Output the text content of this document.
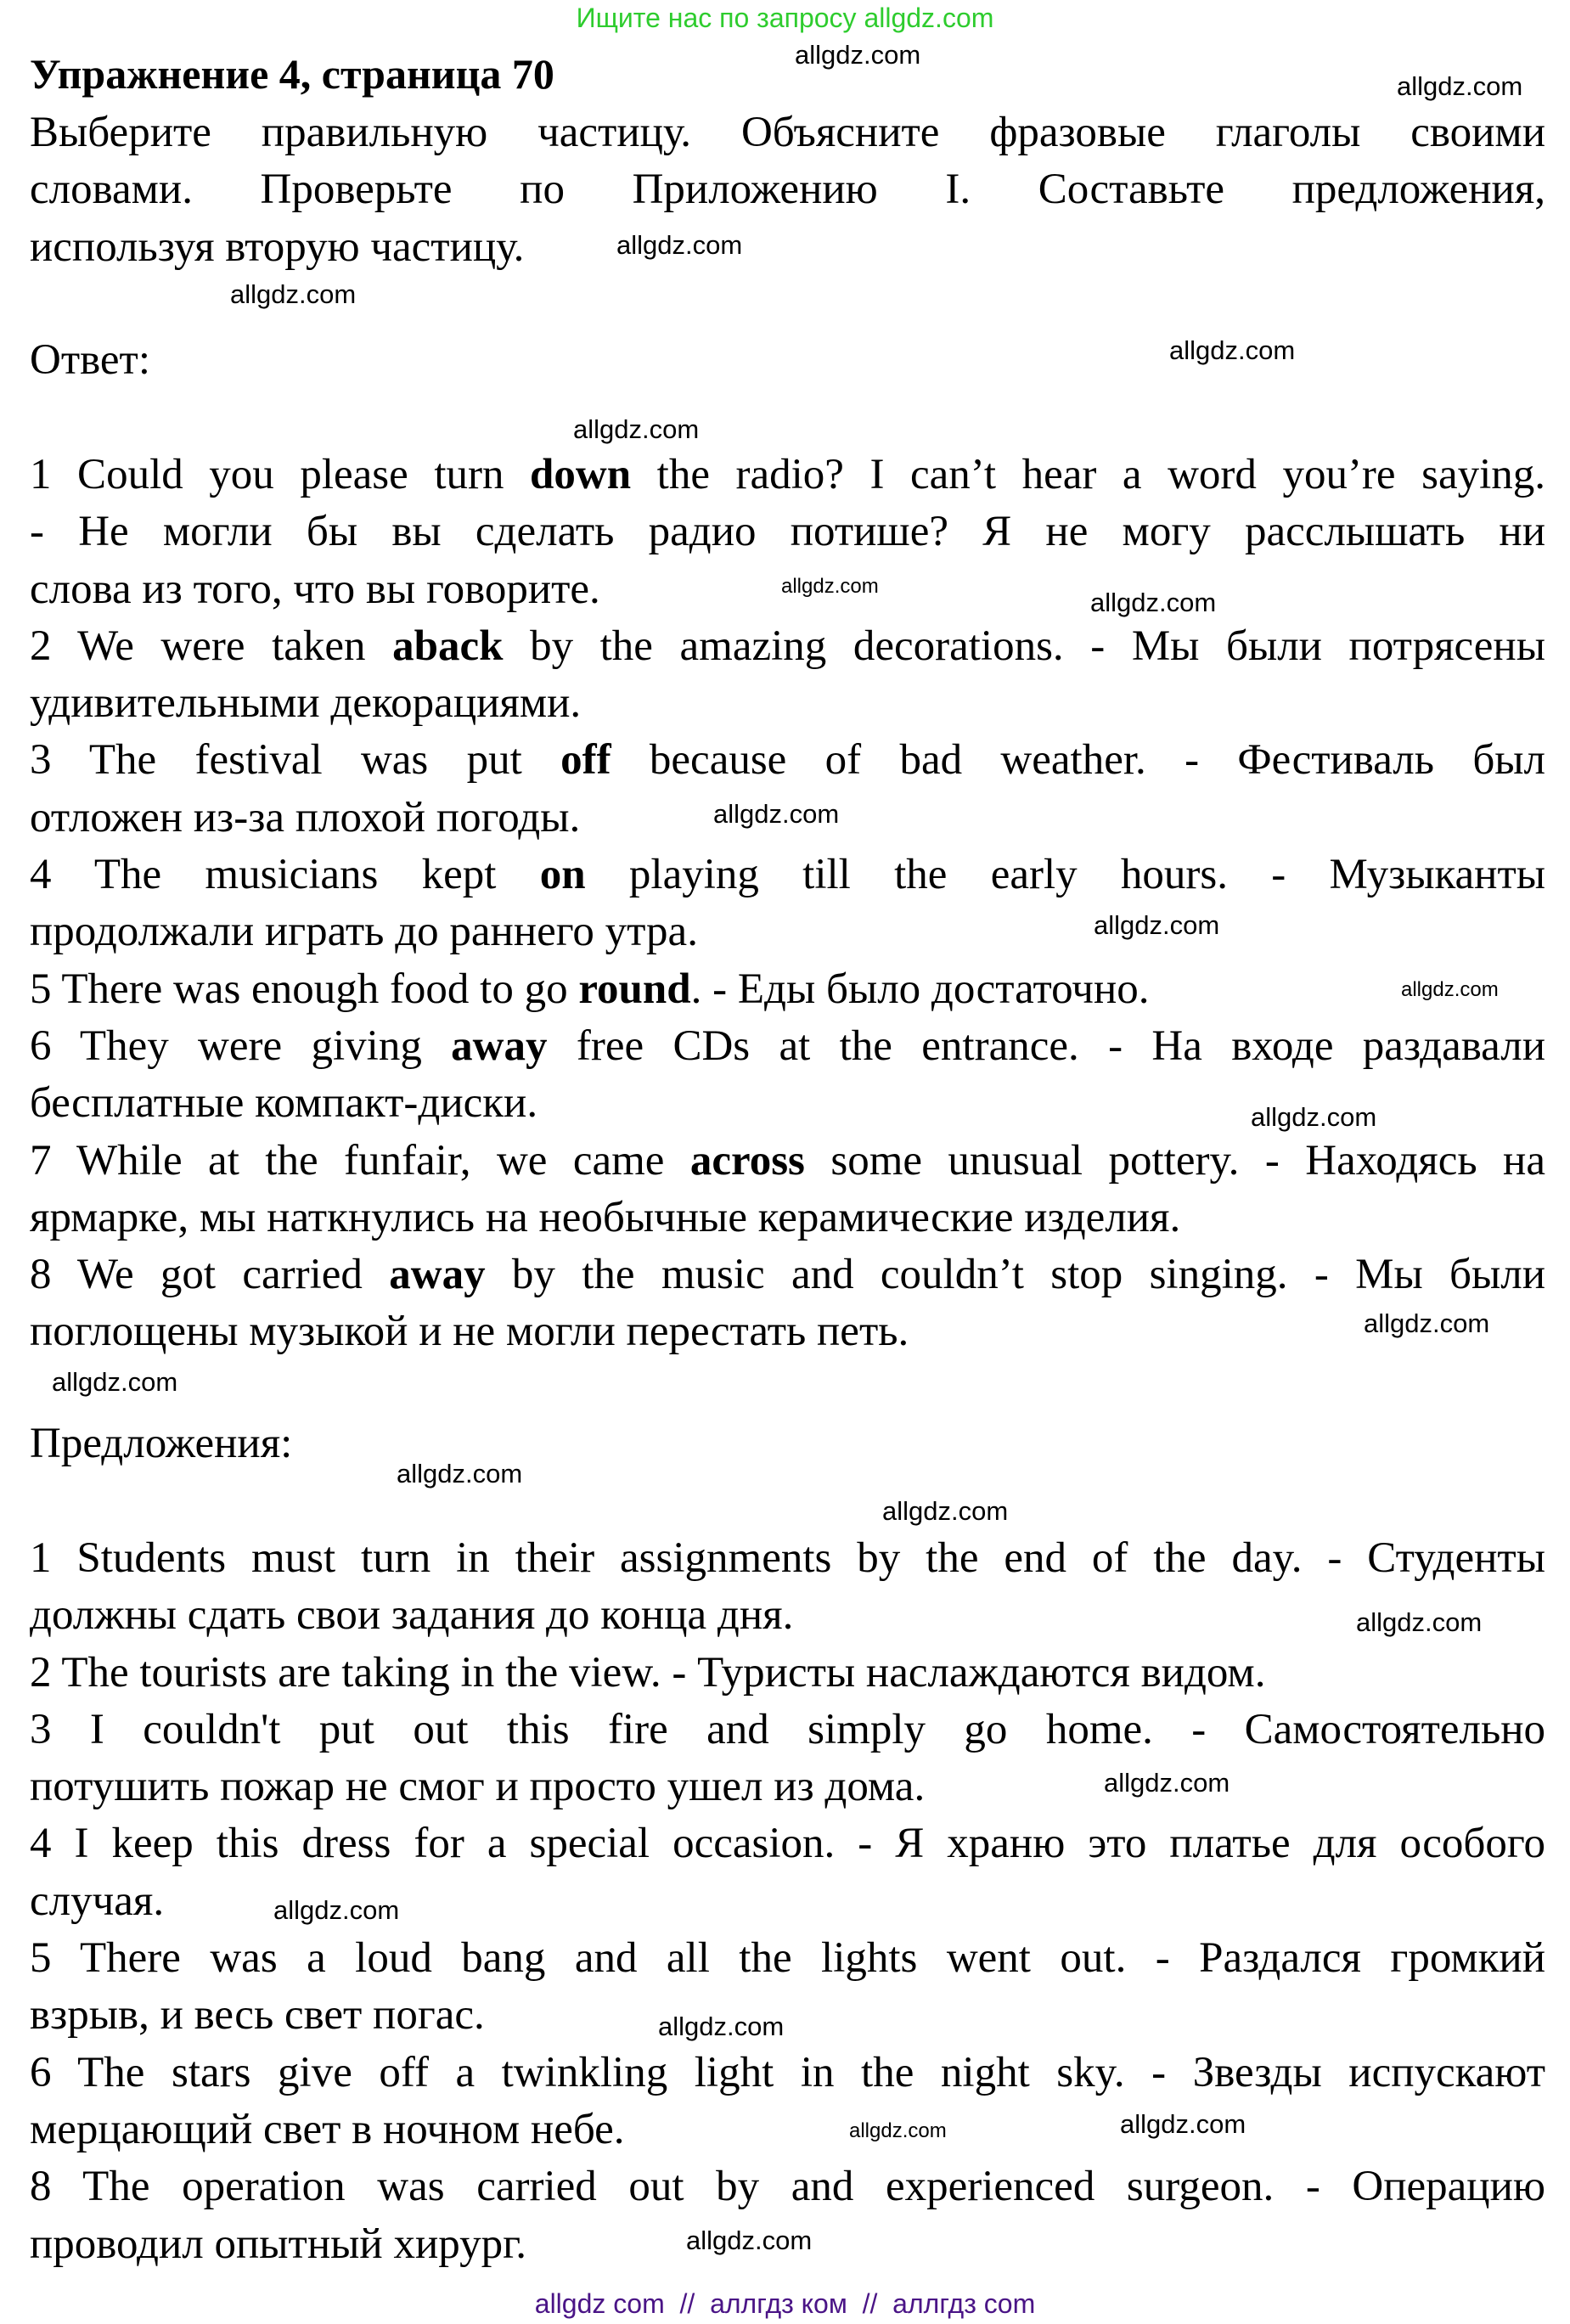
Ищите нас по запросу allgdz.com
Упражнение 4, страница 70
Выберите правильную частицу. Объясните фразовые глаголы своими
словами. Проверьте по Приложению I. Составьте предложения,
используя вторую частицу.
Ответ:
1 Could you please turn down the radio? I can’t hear a word you’re saying.
- Не могли бы вы сделать радио потише? Я не могу расслышать ни
слова из того, что вы говорите.
2 We were taken aback by the amazing decorations. - Мы были потрясены
удивительными декорациями.
3 The festival was put off because of bad weather. - Фестиваль был
отложен из-за плохой погоды.
4 The musicians kept on playing till the early hours. - Музыканты
продолжали играть до раннего утра.
5 There was enough food to go round. - Еды было достаточно.
6 They were giving away free CDs at the entrance. - На входе раздавали
бесплатные компакт-диски.
7 While at the funfair, we came across some unusual pottery. - Находясь на
ярмарке, мы наткнулись на необычные керамические изделия.
8 We got carried away by the music and couldn’t stop singing. - Мы были
поглощены музыкой и не могли перестать петь.
Предложения:
1 Students must turn in their assignments by the end of the day. - Студенты
должны сдать свои задания до конца дня.
2 The tourists are taking in the view. - Туристы наслаждаются видом.
3 I couldn't put out this fire and simply go home. - Самостоятельно
потушить пожар не смог и просто ушел из дома.
4 I keep this dress for a special occasion. - Я храню это платье для особого
случая.
5 There was a loud bang and all the lights went out. - Раздался громкий
взрыв, и весь свет погас.
6 The stars give off a twinkling light in the night sky. - Звезды испускают
мерцающий свет в ночном небе.
8 The operation was carried out by and experienced surgeon. - Операцию
проводил опытный хирург.
allgdz.com
allgdz.com
allgdz.com
allgdz.com
allgdz.com
allgdz.com
allgdz.com
allgdz.com
allgdz.com
allgdz.com
allgdz.com
allgdz.com
allgdz.com
allgdz.com
allgdz.com
allgdz.com
allgdz.com
allgdz.com
allgdz.com
allgdz.com
allgdz.com
allgdz.com
allgdz.com
allgdz com  //  аллгдз ком  //  аллгдз com
